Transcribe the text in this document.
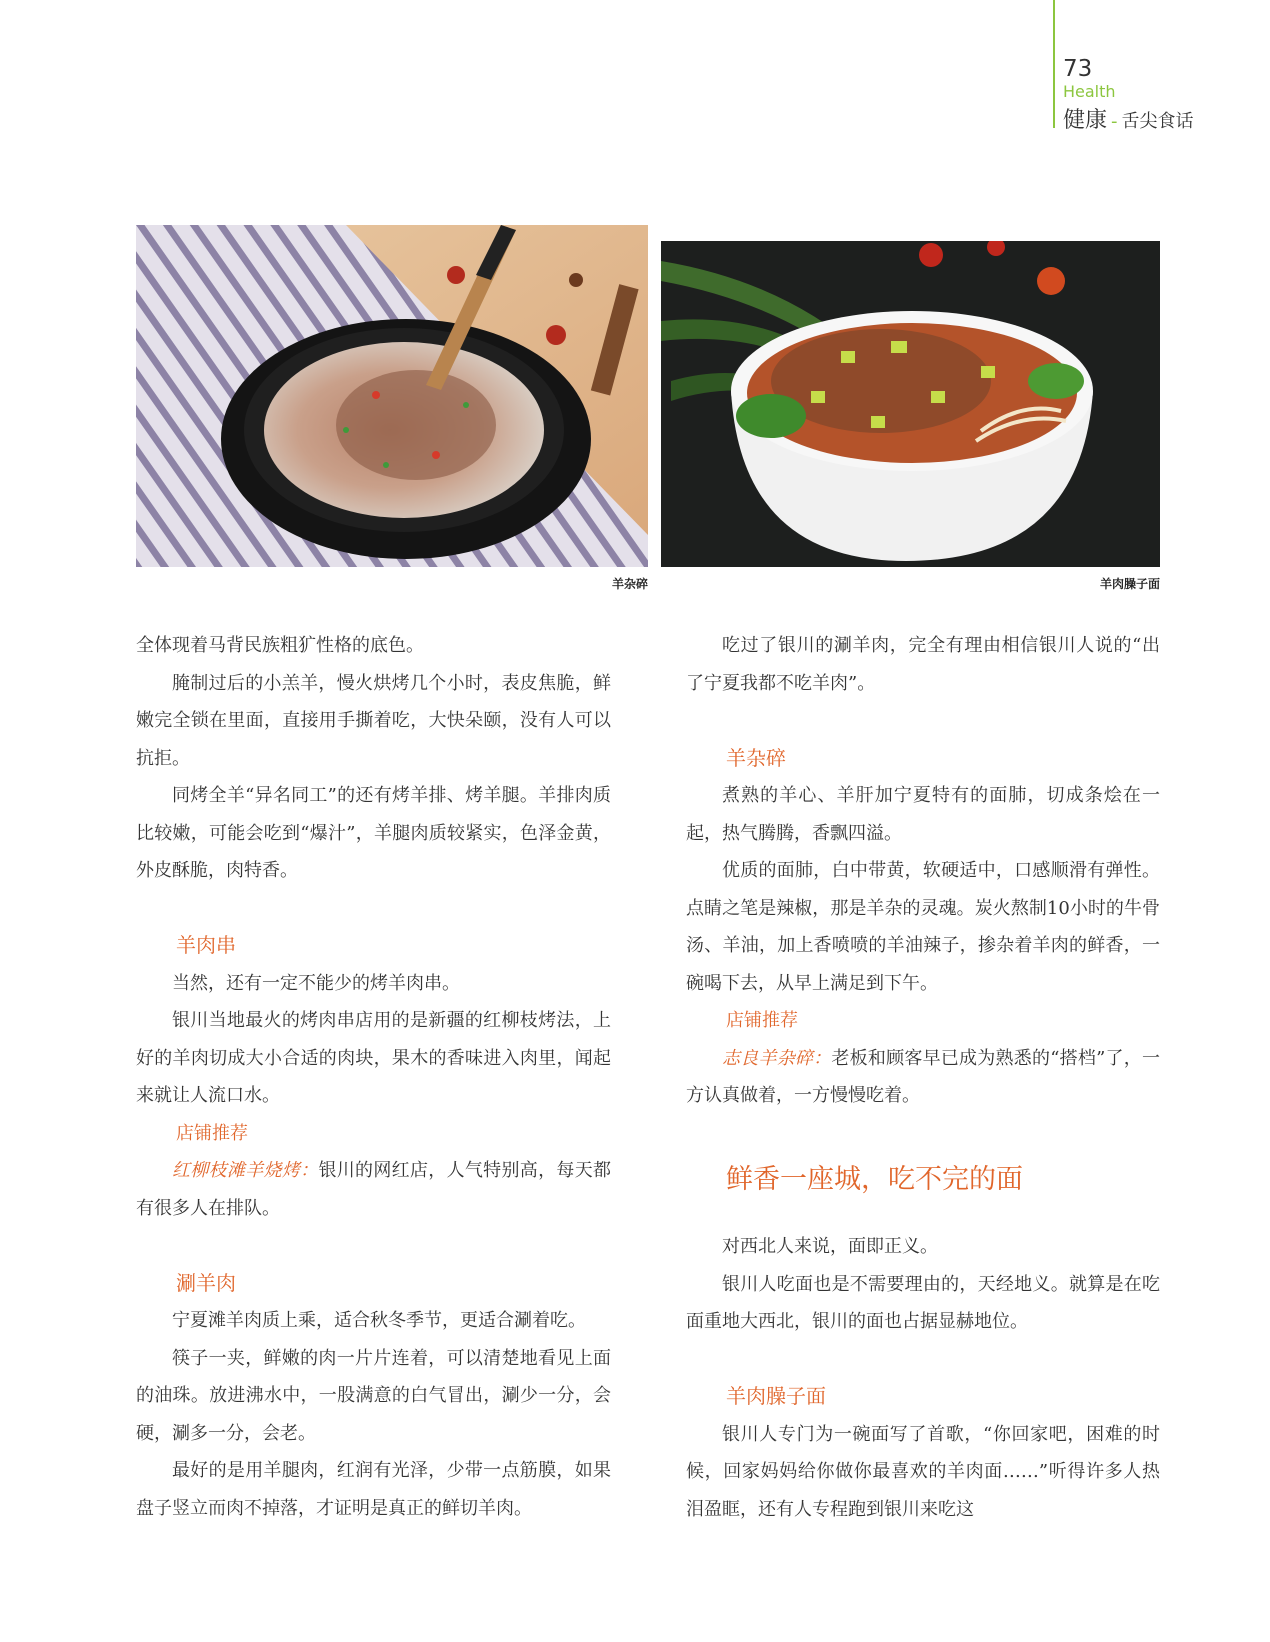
73
Health
健康 - 舌尖食话
羊杂碎	羊肉臊子面

全体现着马背民族粗犷性格的底色。

腌制过后的小羔羊，慢火烘烤几个小时，表皮焦脆，鲜嫩完全锁在里面，直接用手撕着吃，大快朵颐，没有人可以抗拒。

同烤全羊“异名同工”的还有烤羊排、烤羊腿。羊排肉质比较嫩，可能会吃到“爆汁”，羊腿肉质较紧实，色泽金黄，外皮酥脆，肉特香。

羊肉串

当然，还有一定不能少的烤羊肉串。

银川当地最火的烤肉串店用的是新疆的红柳枝烤法，上好的羊肉切成大小合适的肉块，果木的香味进入肉里，闻起来就让人流口水。

店铺推荐

红柳枝滩羊烧烤：银川的网红店，人气特别高，每天都有很多人在排队。

涮羊肉

宁夏滩羊肉质上乘，适合秋冬季节，更适合涮着吃。

筷子一夹，鲜嫩的肉一片片连着，可以清楚地看见上面的油珠。放进沸水中，一股满意的白气冒出，涮少一分，会硬，涮多一分，会老。

最好的是用羊腿肉，红润有光泽，少带一点筋膜，如果盘子竖立而肉不掉落，才证明是真正的鲜切羊肉。

吃过了银川的涮羊肉，完全有理由相信银川人说的“出了宁夏我都不吃羊肉”。

羊杂碎

煮熟的羊心、羊肝加宁夏特有的面肺，切成条烩在一起，热气腾腾，香飘四溢。

优质的面肺，白中带黄，软硬适中，口感顺滑有弹性。点睛之笔是辣椒，那是羊杂的灵魂。炭火熬制10小时的牛骨汤、羊油，加上香喷喷的羊油辣子，掺杂着羊肉的鲜香，一碗喝下去，从早上满足到下午。

店铺推荐

志良羊杂碎：老板和顾客早已成为熟悉的“搭档”了，一方认真做着，一方慢慢吃着。

鲜香一座城，吃不完的面

对西北人来说，面即正义。

银川人吃面也是不需要理由的，天经地义。就算是在吃面重地大西北，银川的面也占据显赫地位。

羊肉臊子面

银川人专门为一碗面写了首歌，“你回家吧，困难的时候，回家妈妈给你做你最喜欢的羊肉面……”听得许多人热泪盈眶，还有人专程跑到银川来吃这
